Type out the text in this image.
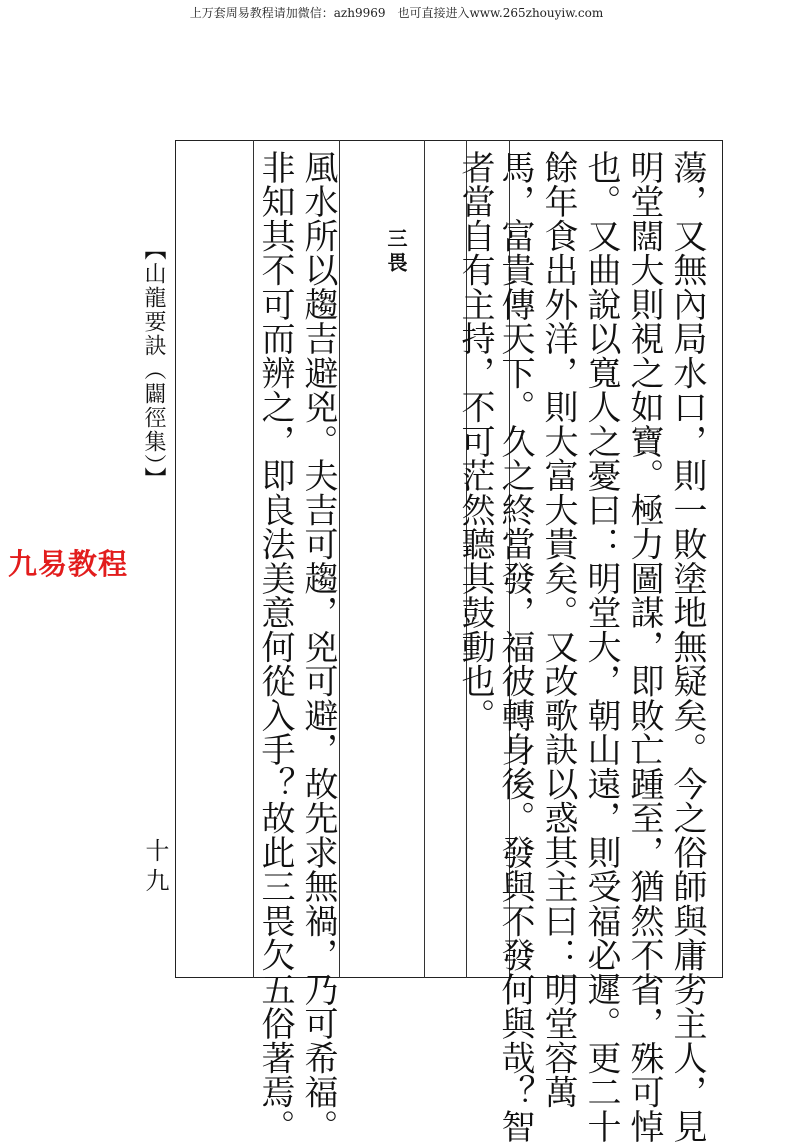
上万套周易教程请加微信：azh9969　也可直接进入www.265zhouyiw.com
蕩，又無內局水口，則一敗塗地無疑矣。今之俗師與庸劣主人，見
明堂闊大則視之如寶。極力圖謀，即敗亡踵至，猶然不省，殊可悼
也。又曲說以寬人之憂曰：明堂大，朝山遠，則受福必遲。更二十
餘年食出外洋，則大富大貴矣。又改歌訣以惑其主曰：明堂容萬
馬，富貴傳天下。久之終當發，福彼轉身後。發與不發何與哉？智
者當自有主持，不可茫然聽其鼓動也。
三畏
風水所以趨吉避兇。夫吉可趨，兇可避，故先求無禍，乃可希福。
非知其不可而辨之，即良法美意何從入手？故此三畏欠五俗著焉。
【山龍要訣（闢徑集）】
十九
九易教程
